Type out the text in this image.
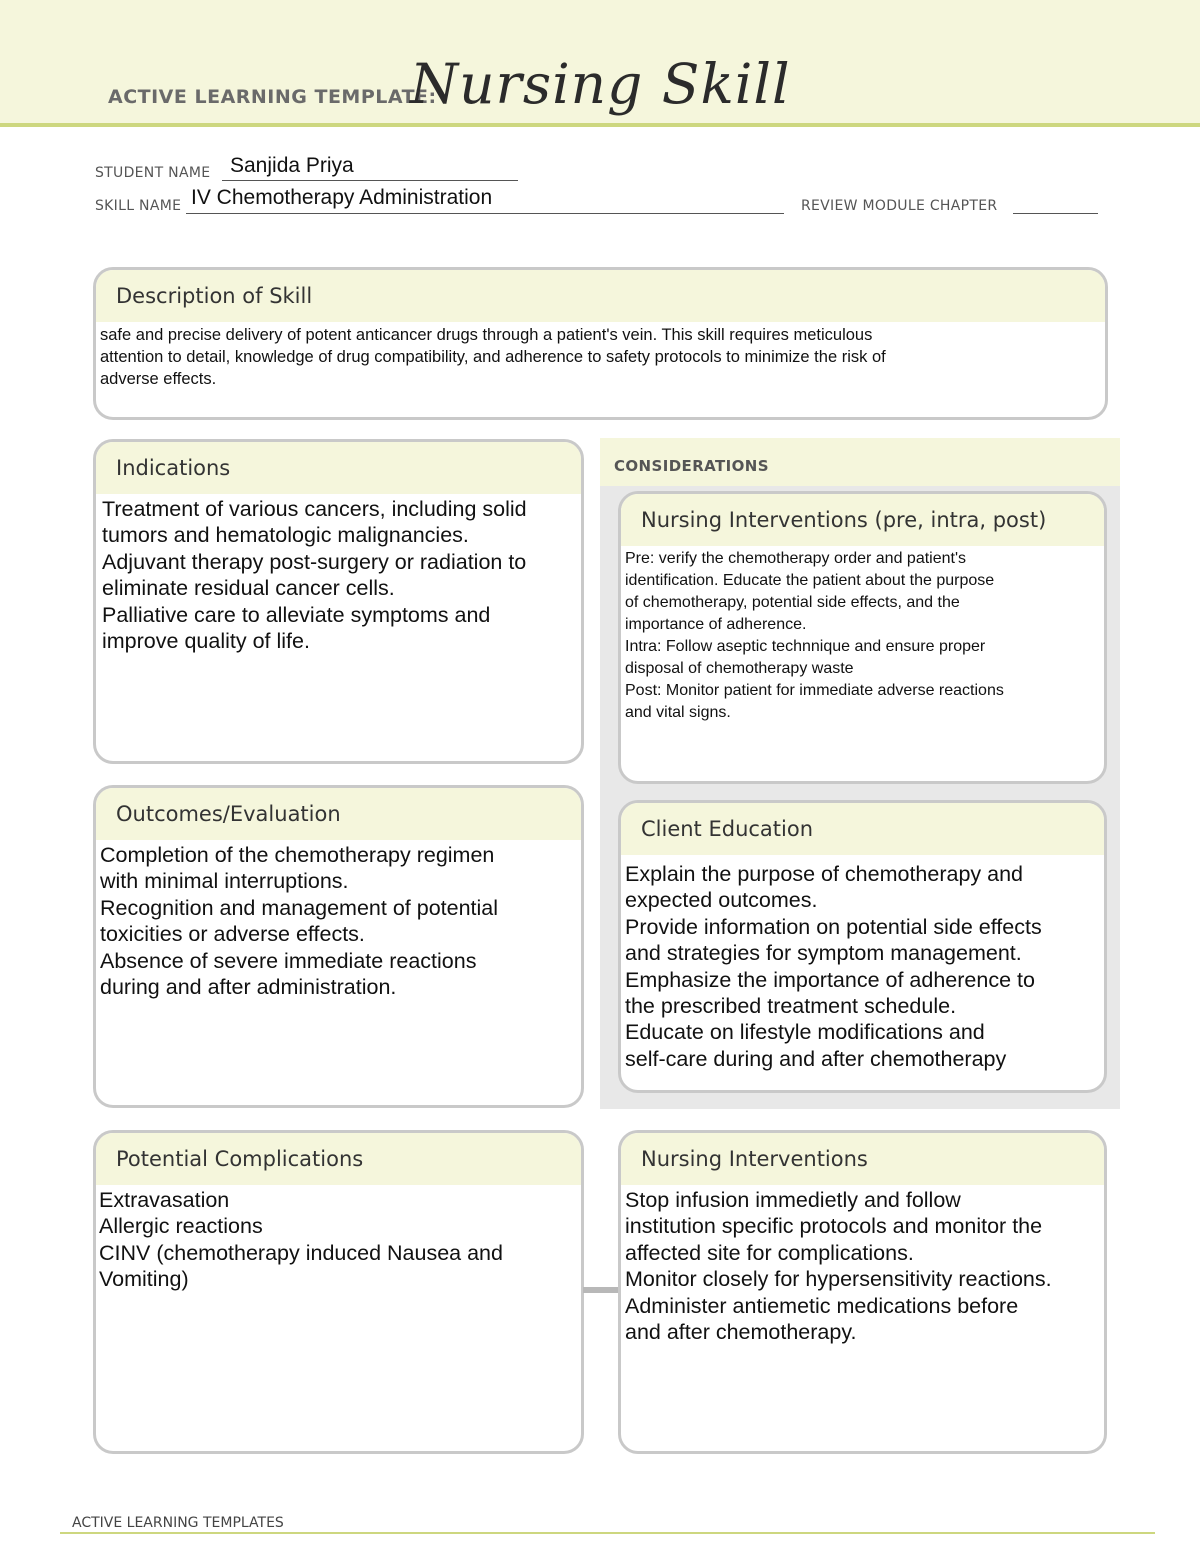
ACTIVE LEARNING TEMPLATE:
Nursing Skill
STUDENT NAME Sanjida Priya
SKILL NAME IV Chemotherapy Administration	REVIEW MODULE CHAPTER
Description of Skill
safe and precise delivery of potent anticancer drugs through a patient's vein. This skill requires meticulous
attention to detail, knowledge of drug compatibility, and adherence to safety protocols to minimize the risk of
adverse effects.
CONSIDERATIONS
Indications
Treatment of various cancers, including solid
tumors and hematologic malignancies.
Adjuvant therapy post-surgery or radiation to
eliminate residual cancer cells.
Palliative care to alleviate symptoms and
improve quality of life.
Nursing Interventions (pre, intra, post)
Pre: verify the chemotherapy order and patient's
identification. Educate the patient about the purpose
of chemotherapy, potential side effects, and the
importance of adherence.
Intra: Follow aseptic technnique and ensure proper
disposal of chemotherapy waste
Post: Monitor patient for immediate adverse reactions
and vital signs.
Outcomes/Evaluation
Completion of the chemotherapy regimen
with minimal interruptions.
Recognition and management of potential
toxicities or adverse effects.
Absence of severe immediate reactions
during and after administration.
Client Education
Explain the purpose of chemotherapy and
expected outcomes.
Provide information on potential side effects
and strategies for symptom management.
Emphasize the importance of adherence to
the prescribed treatment schedule.
Educate on lifestyle modifications and
self-care during and after chemotherapy
Potential Complications
Extravasation
Allergic reactions
CINV (chemotherapy induced Nausea and
Vomiting)
Nursing Interventions
Stop infusion immedietly and follow
institution specific protocols and monitor the
affected site for complications.
Monitor closely for hypersensitivity reactions.
Administer antiemetic medications before
and after chemotherapy.
ACTIVE LEARNING TEMPLATES
